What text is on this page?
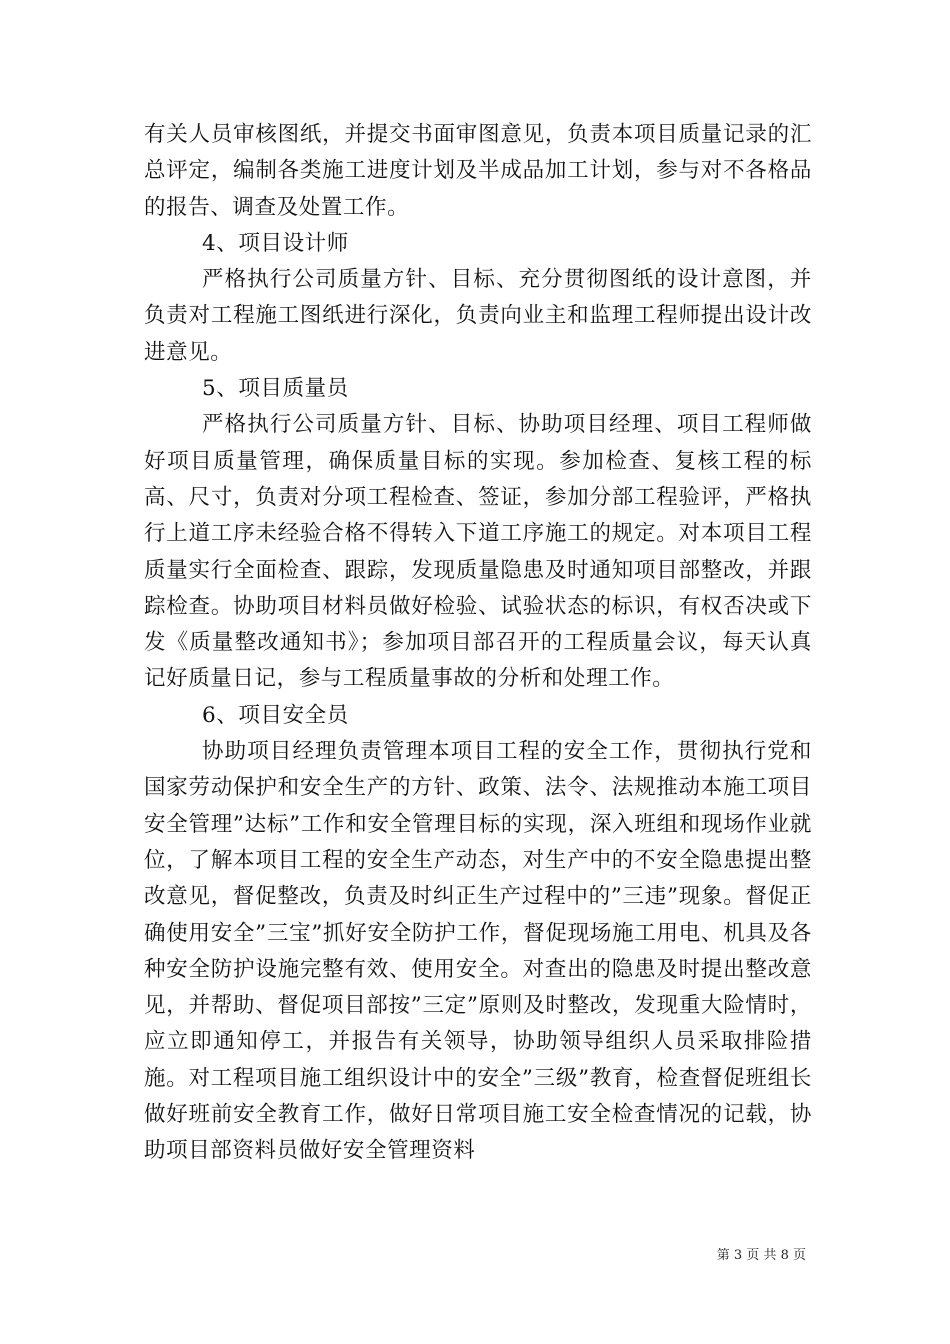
有关人员审核图纸，并提交书面审图意见，负责本项目质量记录的汇总评定，编制各类施工进度计划及半成品加工计划，参与对不各格品的报告、调查及处置工作。

4、项目设计师

严格执行公司质量方针、目标、充分贯彻图纸的设计意图，并负责对工程施工图纸进行深化，负责向业主和监理工程师提出设计改进意见。

5、项目质量员

严格执行公司质量方针、目标、协助项目经理、项目工程师做好项目质量管理，确保质量目标的实现。参加检查、复核工程的标高、尺寸，负责对分项工程检查、签证，参加分部工程验评，严格执行上道工序未经验合格不得转入下道工序施工的规定。对本项目工程质量实行全面检查、跟踪，发现质量隐患及时通知项目部整改，并跟踪检查。协助项目材料员做好检验、试验状态的标识，有权否决或下发《质量整改通知书》；参加项目部召开的工程质量会议，每天认真记好质量日记，参与工程质量事故的分析和处理工作。

6、项目安全员

协助项目经理负责管理本项目工程的安全工作，贯彻执行党和国家劳动保护和安全生产的方针、政策、法令、法规推动本施工项目安全管理”达标”工作和安全管理目标的实现，深入班组和现场作业就位，了解本项目工程的安全生产动态，对生产中的不安全隐患提出整改意见，督促整改，负责及时纠正生产过程中的”三违”现象。督促正确使用安全”三宝”抓好安全防护工作，督促现场施工用电、机具及各种安全防护设施完整有效、使用安全。对查出的隐患及时提出整改意见，并帮助、督促项目部按”三定”原则及时整改，发现重大险情时，应立即通知停工，并报告有关领导，协助领导组织人员采取排险措施。对工程项目施工组织设计中的安全”三级”教育，检查督促班组长做好班前安全教育工作，做好日常项目施工安全检查情况的记载，协助项目部资料员做好安全管理资料

第 3 页 共 8 页
